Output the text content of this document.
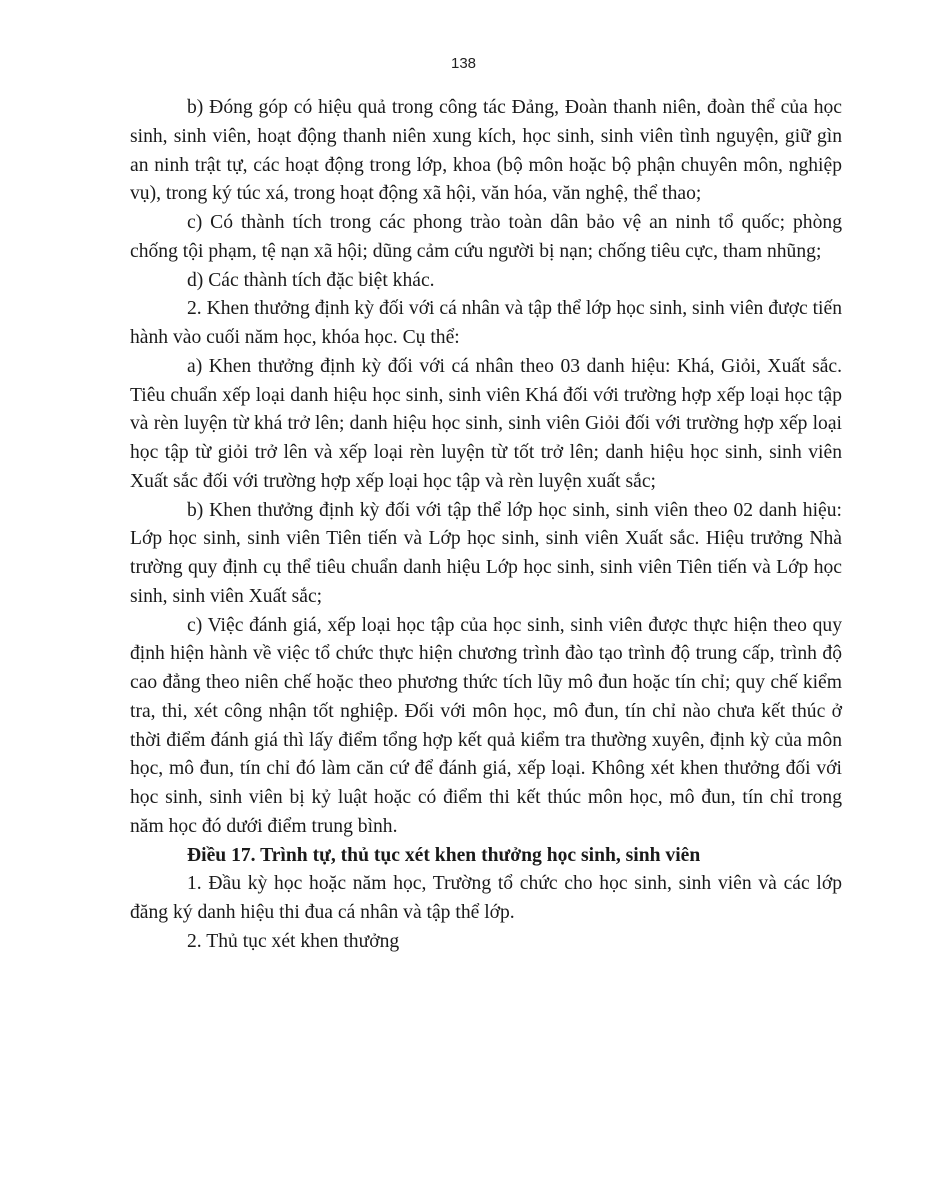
138

b) Đóng góp có hiệu quả trong công tác Đảng, Đoàn thanh niên, đoàn thể của học sinh, sinh viên, hoạt động thanh niên xung kích, học sinh, sinh viên tình nguyện, giữ gìn an ninh trật tự, các hoạt động trong lớp, khoa (bộ môn hoặc bộ phận chuyên môn, nghiệp vụ), trong ký túc xá, trong hoạt động xã hội, văn hóa, văn nghệ, thể thao;

c) Có thành tích trong các phong trào toàn dân bảo vệ an ninh tổ quốc; phòng chống tội phạm, tệ nạn xã hội; dũng cảm cứu người bị nạn; chống tiêu cực, tham nhũng;

d) Các thành tích đặc biệt khác.

2. Khen thưởng định kỳ đối với cá nhân và tập thể lớp học sinh, sinh viên được tiến hành vào cuối năm học, khóa học. Cụ thể:

a) Khen thưởng định kỳ đối với cá nhân theo 03 danh hiệu: Khá, Giỏi, Xuất sắc. Tiêu chuẩn xếp loại danh hiệu học sinh, sinh viên Khá đối với trường hợp xếp loại học tập và rèn luyện từ khá trở lên; danh hiệu học sinh, sinh viên Giỏi đối với trường hợp xếp loại học tập từ giỏi trở lên và xếp loại rèn luyện từ tốt trở lên; danh hiệu học sinh, sinh viên Xuất sắc đối với trường hợp xếp loại học tập và rèn luyện xuất sắc;

b) Khen thưởng định kỳ đối với tập thể lớp học sinh, sinh viên theo 02 danh hiệu: Lớp học sinh, sinh viên Tiên tiến và Lớp học sinh, sinh viên Xuất sắc. Hiệu trưởng Nhà trường quy định cụ thể tiêu chuẩn danh hiệu Lớp học sinh, sinh viên Tiên tiến và Lớp học sinh, sinh viên Xuất sắc;

c) Việc đánh giá, xếp loại học tập của học sinh, sinh viên được thực hiện theo quy định hiện hành về việc tổ chức thực hiện chương trình đào tạo trình độ trung cấp, trình độ cao đẳng theo niên chế hoặc theo phương thức tích lũy mô đun hoặc tín chỉ; quy chế kiểm tra, thi, xét công nhận tốt nghiệp. Đối với môn học, mô đun, tín chỉ nào chưa kết thúc ở thời điểm đánh giá thì lấy điểm tổng hợp kết quả kiểm tra thường xuyên, định kỳ của môn học, mô đun, tín chỉ đó làm căn cứ để đánh giá, xếp loại. Không xét khen thưởng đối với học sinh, sinh viên bị kỷ luật hoặc có điểm thi kết thúc môn học, mô đun, tín chỉ trong năm học đó dưới điểm trung bình.

Điều 17. Trình tự, thủ tục xét khen thưởng học sinh, sinh viên

1. Đầu kỳ học hoặc năm học, Trường tổ chức cho học sinh, sinh viên và các lớp đăng ký danh hiệu thi đua cá nhân và tập thể lớp.

2. Thủ tục xét khen thưởng
